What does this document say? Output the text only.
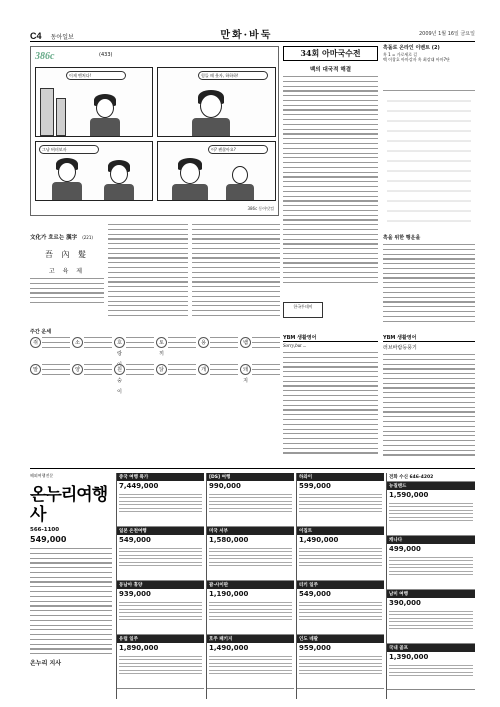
C4 동아일보	만화·바둑	2009년 1월 16일 금요일
386c	(433)
이제 벤처다!	힘들 때 웃자, 하하하!
그냥 버텨보자	어? 괜찮아요?
386c 동아닷컴
34회 아마국수전
백의 대국적 해결
흑돌로 온라인 이벤트 (2)
흑 1 = 가로세로 길
백 이창호 아마강자 흑 최강대 아마7단
흑을 위한 행운을
한국투데이
文化가 흐르는 漢字 (221)
吾 內 髮
고 육 제
주간 운세
쥐	소	호랑이
토끼
용	뱀
말	양	원숭이
닭	개	돼지
YBM 생활영어
Sorry,but ...
YBM 생활영어
러브바람등풍기
해외여행전문
온누리여행사
566-1100
549,000
온누리 지사
중국 여행 특가
7,449,000
일본 온천여행
549,000
동남아 휴양
939,000
유럽 일주
1,890,000
[DS] 여행
990,000
미국 서부
1,580,000
괌·사이판
1,190,000
호주 패키지
1,490,000
하와이
599,000
이집트
1,490,000
터키 일주
549,000
인도 네팔
959,000
전화 수신 646-4202
뉴질랜드
1,590,000
캐나다
499,000
남미 여행
390,000
국내 골프
1,390,000
